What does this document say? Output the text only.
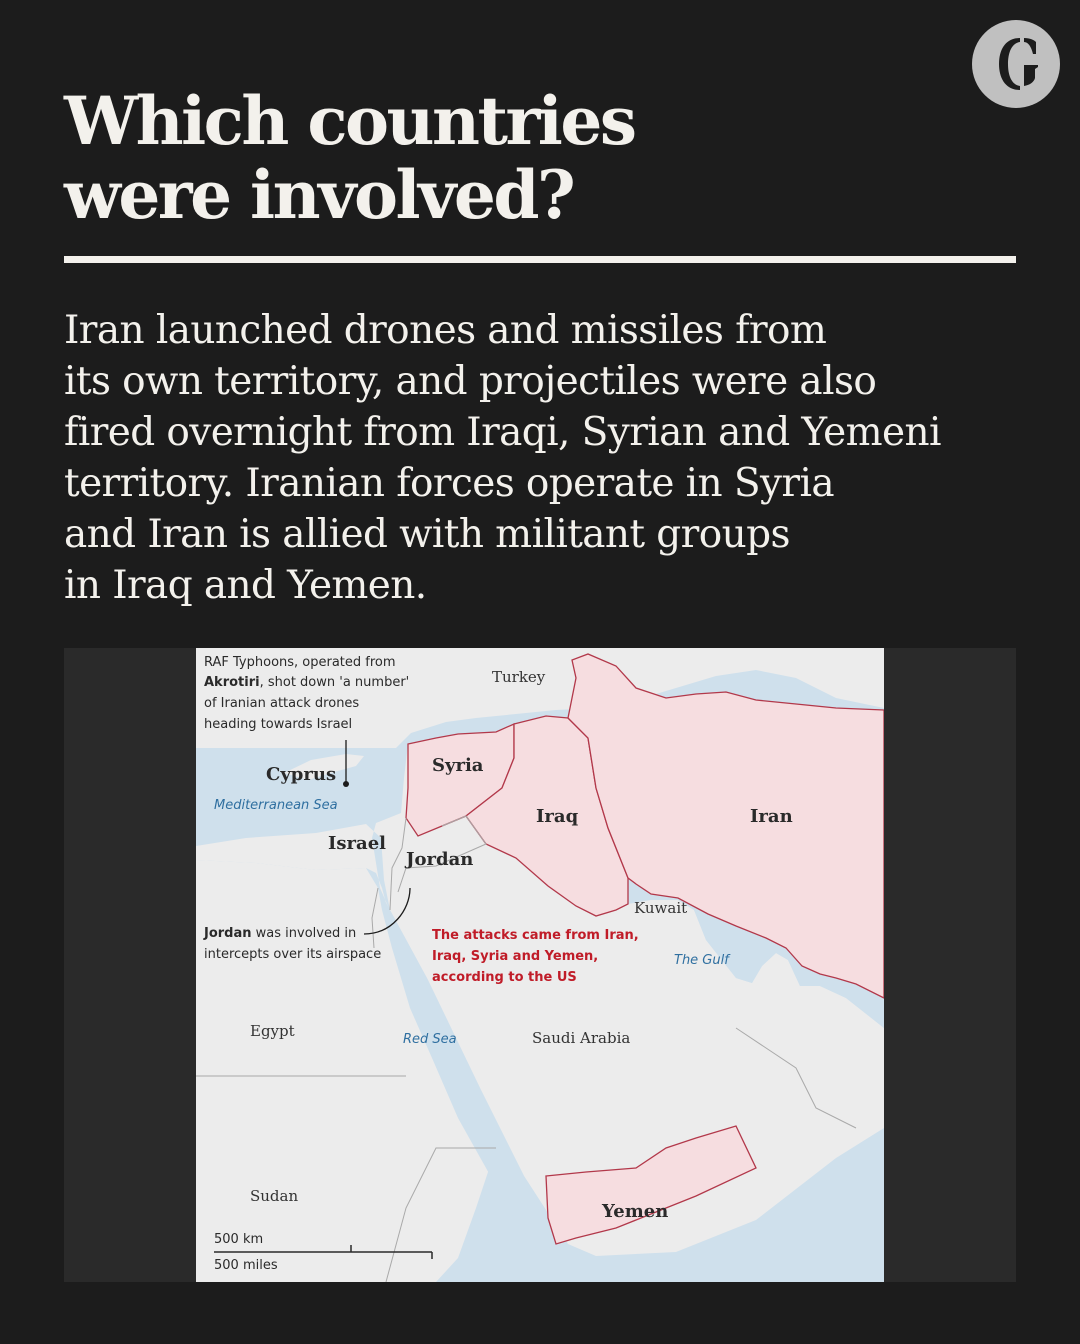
Which countries
were involved?

Iran launched drones and missiles from
its own territory, and projectiles were also
fired overnight from Iraqi, Syrian and Yemeni
territory. Iranian forces operate in Syria
and Iran is allied with militant groups
in Iraq and Yemen.

Turkey
Cyprus	Syria
Iraq	Iran
Israel
Jordan
Kuwait
Egypt	Saudi Arabia
Sudan
Yemen
Mediterranean Sea
Red Sea
The Gulf
RAF Typhoons, operated from Akrotiri, shot down 'a number' of Iranian attack drones heading towards Israel
Jordan was involved in intercepts over its airspace
The attacks came from Iran, Iraq, Syria and Yemen, according to the US
500 km
500 miles
